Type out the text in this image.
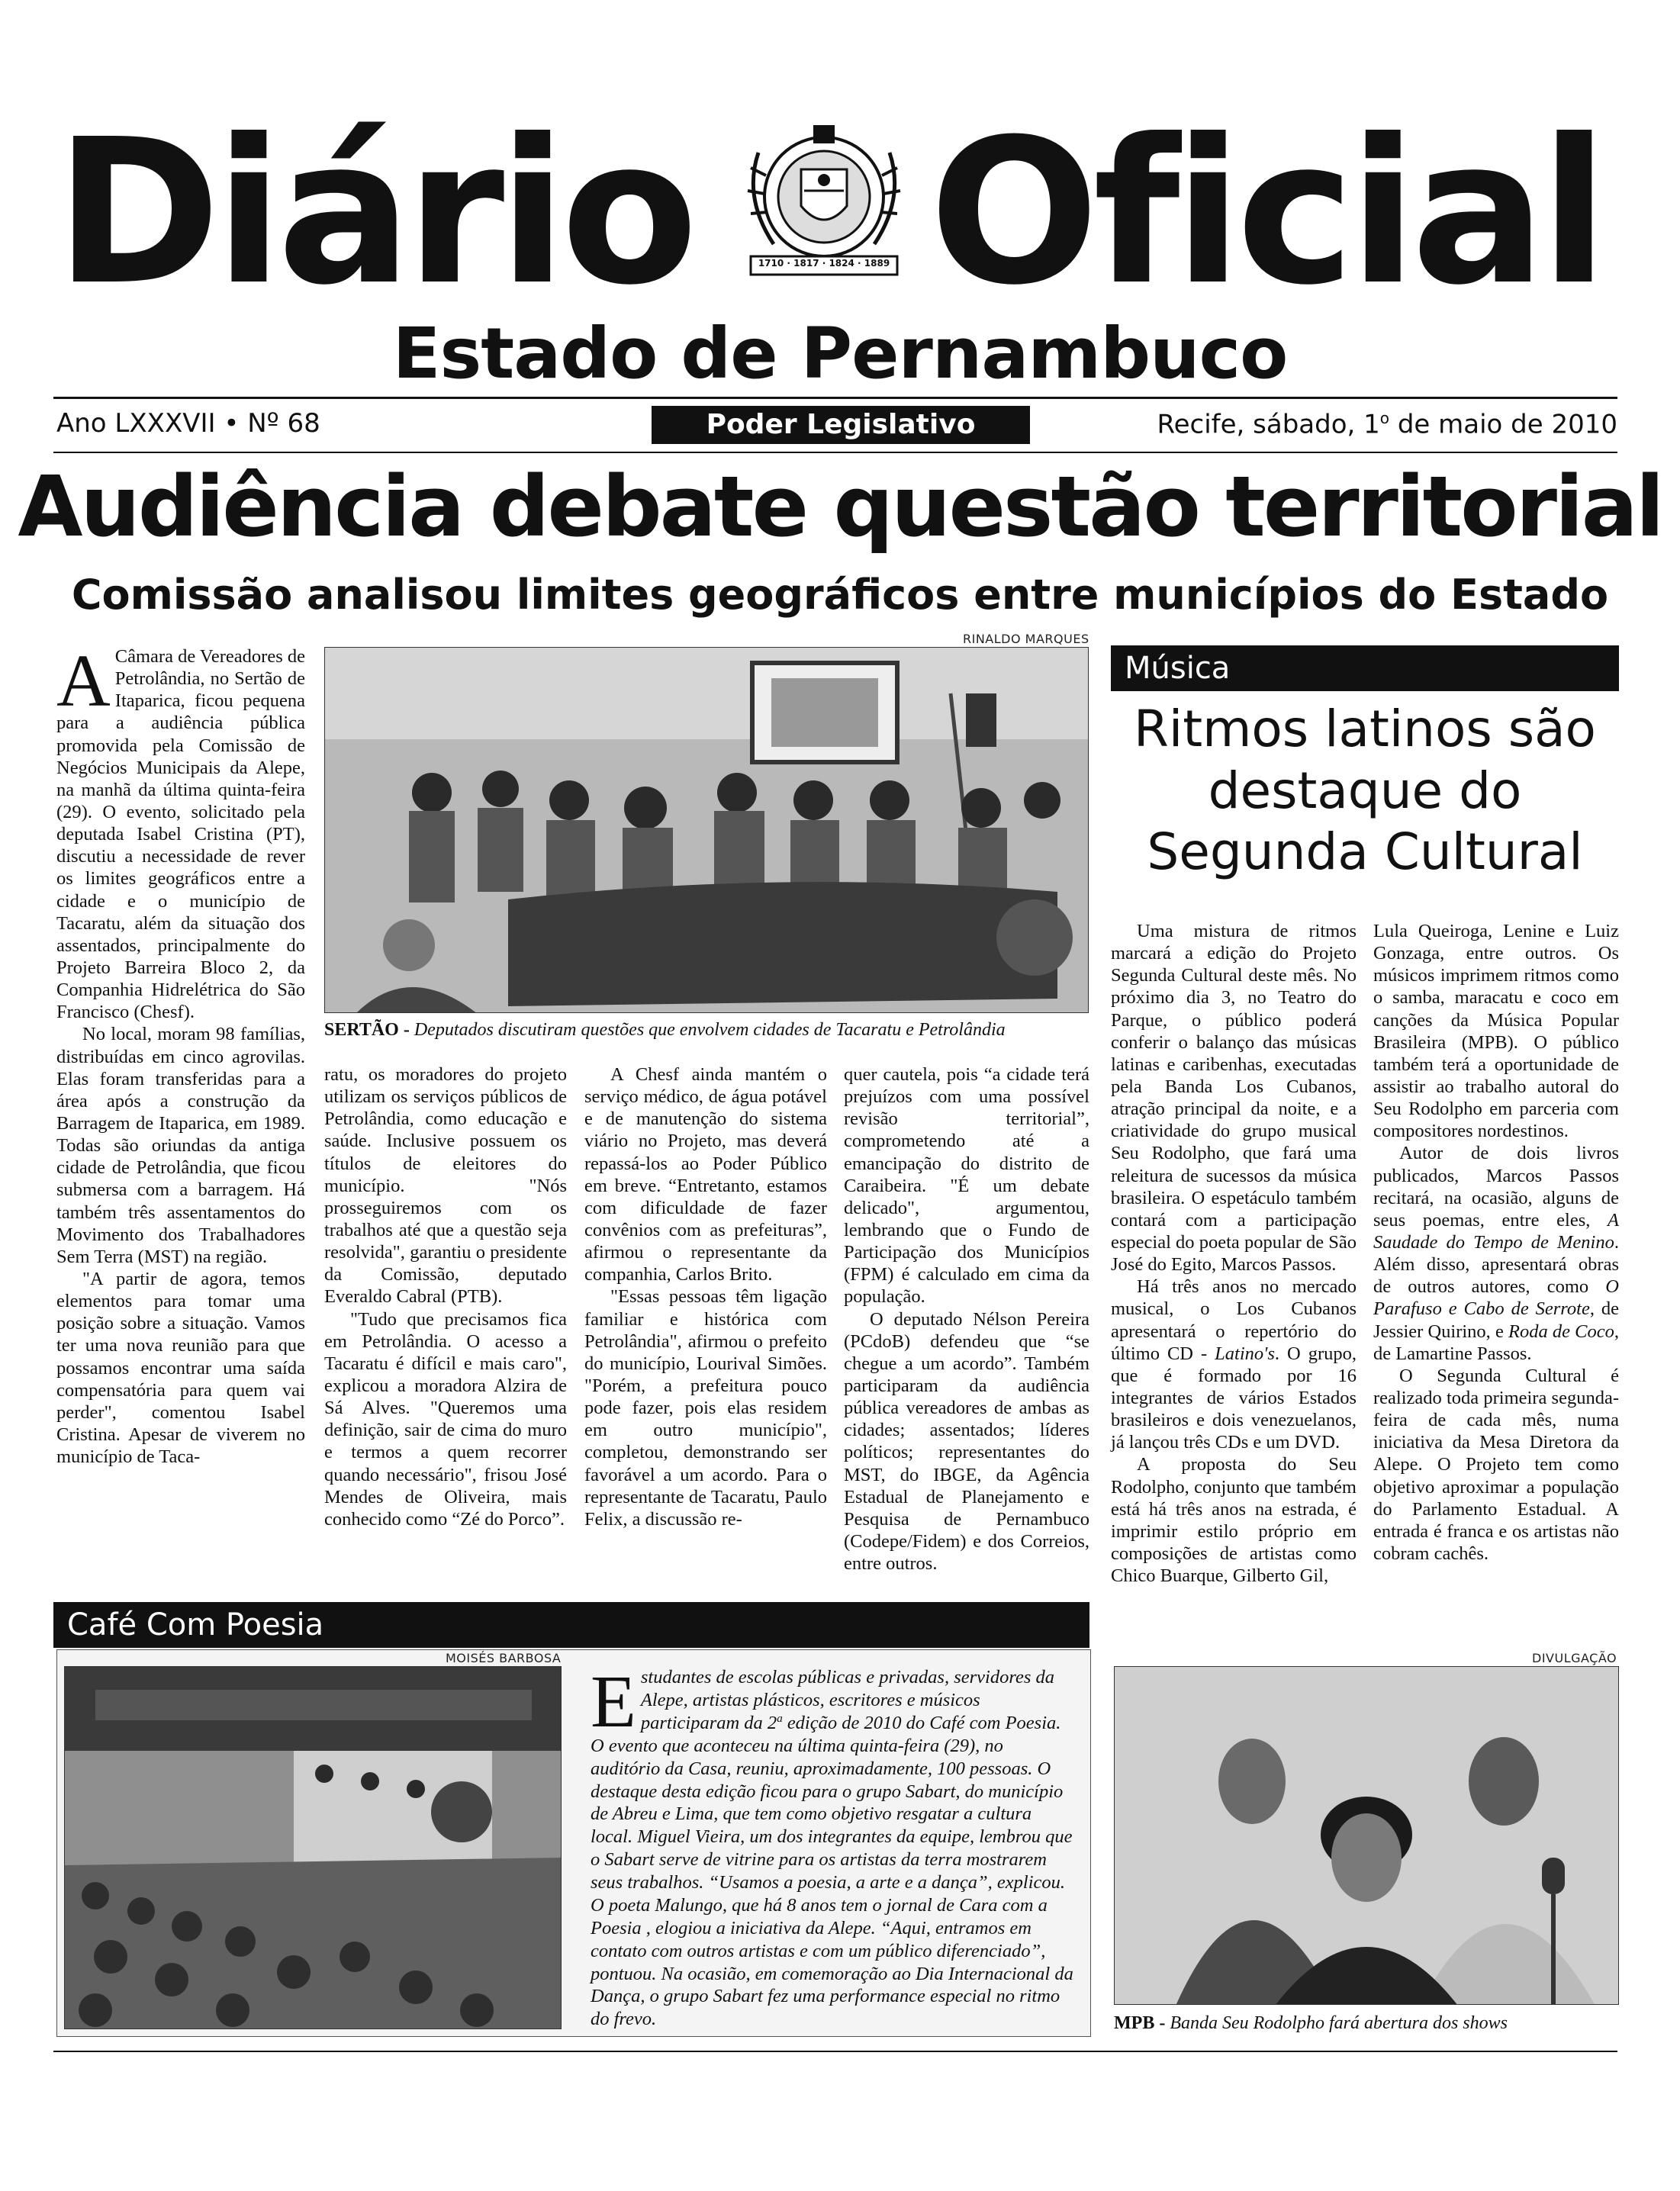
Diário Oficial
1710 · 1817 · 1824 · 1889
Estado de Pernambuco
Ano LXXXVII • Nº 68	Poder Legislativo	Recife, sábado, 1$^o$ de maio de 2010
Audiência debate questão territorial
Comissão analisou limites geográficos entre municípios do Estado
RINALDO MARQUES
SERTÃO - Deputados discutiram questões que envolvem cidades de Tacaratu e Petrolândia

A Câmara de Vereadores de Petrolândia, no Sertão de Itaparica, ficou pequena para a audiência pública promovida pela Comissão de Negócios Municipais da Alepe, na manhã da última quinta-feira (29). O evento, solicitado pela deputada Isabel Cristina (PT), discutiu a necessidade de rever os limites geográficos entre a cidade e o município de Tacaratu, além da situação dos assentados, principalmente do Projeto Barreira Bloco 2, da Companhia Hidrelétrica do São Francisco (Chesf).

No local, moram 98 famílias, distribuídas em cinco agrovilas. Elas foram transferidas para a área após a construção da Barragem de Itaparica, em 1989. Todas são oriundas da antiga cidade de Petrolândia, que ficou submersa com a barragem. Há também três assentamentos do Movimento dos Trabalhadores Sem Terra (MST) na região.

"A partir de agora, temos elementos para tomar uma posição sobre a situação. Vamos ter uma nova reunião para que possamos encontrar uma saída compensatória para quem vai perder", comentou Isabel Cristina. Apesar de viverem no município de Taca-

ratu, os moradores do projeto utilizam os serviços públicos de Petrolândia, como educação e saúde. Inclusive possuem os títulos de eleitores do município. "Nós prosseguiremos com os trabalhos até que a questão seja resolvida", garantiu o presidente da Comissão, deputado Everaldo Cabral (PTB).

"Tudo que precisamos fica em Petrolândia. O acesso a Tacaratu é difícil e mais caro", explicou a moradora Alzira de Sá Alves. "Queremos uma definição, sair de cima do muro e termos a quem recorrer quando necessário", frisou José Mendes de Oliveira, mais conhecido como “Zé do Porco”.

A Chesf ainda mantém o serviço médico, de água potável e de manutenção do sistema viário no Projeto, mas deverá repassá-los ao Poder Público em breve. “Entretanto, estamos com dificuldade de fazer convênios com as prefeituras”, afirmou o representante da companhia, Carlos Brito.

"Essas pessoas têm ligação familiar e histórica com Petrolândia", afirmou o prefeito do município, Lourival Simões. "Porém, a prefeitura pouco pode fazer, pois elas residem em outro município", completou, demonstrando ser favorável a um acordo. Para o representante de Tacaratu, Paulo Felix, a discussão re-

quer cautela, pois “a cidade terá prejuízos com uma possível revisão territorial”, comprometendo até a emancipação do distrito de Caraibeira. "É um debate delicado", argumentou, lembrando que o Fundo de Participação dos Municípios (FPM) é calculado em cima da população.

O deputado Nélson Pereira (PCdoB) defendeu que “se chegue a um acordo”. Também participaram da audiência pública vereadores de ambas as cidades; assentados; líderes políticos; representantes do MST, do IBGE, da Agência Estadual de Planejamento e Pesquisa de Pernambuco (Codepe/Fidem) e dos Correios, entre outros.

Música
Ritmos latinos são destaque do Segunda Cultural

Uma mistura de ritmos marcará a edição do Projeto Segunda Cultural deste mês. No próximo dia 3, no Teatro do Parque, o público poderá conferir o balanço das músicas latinas e caribenhas, executadas pela Banda Los Cubanos, atração principal da noite, e a criatividade do grupo musical Seu Rodolpho, que fará uma releitura de sucessos da música brasileira. O espetáculo também contará com a participação especial do poeta popular de São José do Egito, Marcos Passos.

Há três anos no mercado musical, o Los Cubanos apresentará o repertório do último CD - Latino's. O grupo, que é formado por 16 integrantes de vários Estados brasileiros e dois venezuelanos, já lançou três CDs e um DVD.

A proposta do Seu Rodolpho, conjunto que também está há três anos na estrada, é imprimir estilo próprio em composições de artistas como Chico Buarque, Gilberto Gil,

Lula Queiroga, Lenine e Luiz Gonzaga, entre outros. Os músicos imprimem ritmos como o samba, maracatu e coco em canções da Música Popular Brasileira (MPB). O público também terá a oportunidade de assistir ao trabalho autoral do Seu Rodolpho em parceria com compositores nordestinos.

Autor de dois livros publicados, Marcos Passos recitará, na ocasião, alguns de seus poemas, entre eles, A Saudade do Tempo de Menino. Além disso, apresentará obras de outros autores, como O Parafuso e Cabo de Serrote, de Jessier Quirino, e Roda de Coco, de Lamartine Passos.

O Segunda Cultural é realizado toda primeira segunda-feira de cada mês, numa iniciativa da Mesa Diretora da Alepe. O Projeto tem como objetivo aproximar a população do Parlamento Estadual. A entrada é franca e os artistas não cobram cachês.

DIVULGAÇÃO
MPB - Banda Seu Rodolpho fará abertura dos shows
Café Com Poesia
MOISÉS BARBOSA
Estudantes de escolas públicas e privadas, servidores da Alepe, artistas plásticos, escritores e músicos participaram da 2$^a$ edição de 2010 do Café com Poesia. O evento que aconteceu na última quinta-feira (29), no auditório da Casa, reuniu, aproximadamente, 100 pessoas. O destaque desta edição ficou para o grupo Sabart, do município de Abreu e Lima, que tem como objetivo resgatar a cultura local. Miguel Vieira, um dos integrantes da equipe, lembrou que o Sabart serve de vitrine para os artistas da terra mostrarem seus trabalhos. “Usamos a poesia, a arte e a dança”, explicou. O poeta Malungo, que há 8 anos tem o jornal de Cara com a Poesia , elogiou a iniciativa da Alepe. “Aqui, entramos em contato com outros artistas e com um público diferenciado”, pontuou. Na ocasião, em comemoração ao Dia Internacional da Dança, o grupo Sabart fez uma performance especial no ritmo do frevo.
